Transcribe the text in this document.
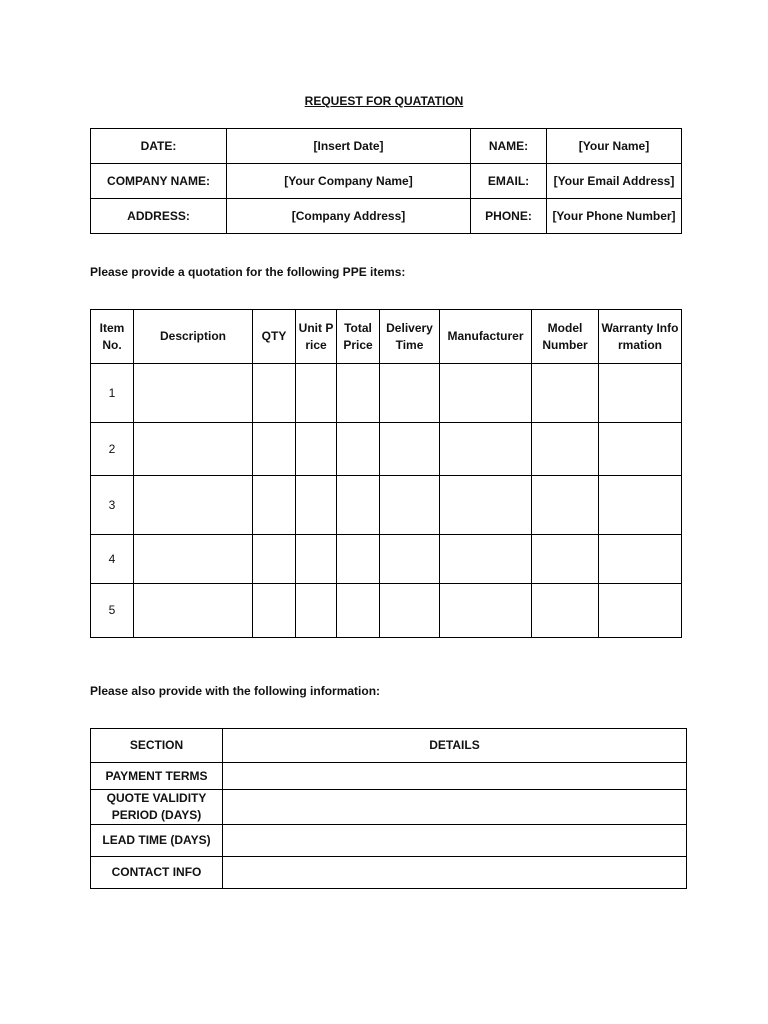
REQUEST FOR QUATATION
DATE:	[Insert Date]	NAME:	[Your Name]
COMPANY NAME:	[Your Company Name]	EMAIL:	[Your Email Address]
ADDRESS:	[Company Address]	PHONE:	[Your Phone Number]
Please provide a quotation for the following PPE items:
Item No.	Description	QTY	Unit Price	Total Price	Delivery Time	Manufacturer	Model Number	Warranty Information
1								
2								
3								
4								
5								
Please also provide with the following information:
SECTION	DETAILS
PAYMENT TERMS	
QUOTE VALIDITY PERIOD (DAYS)	
LEAD TIME (DAYS)	
CONTACT INFO	
